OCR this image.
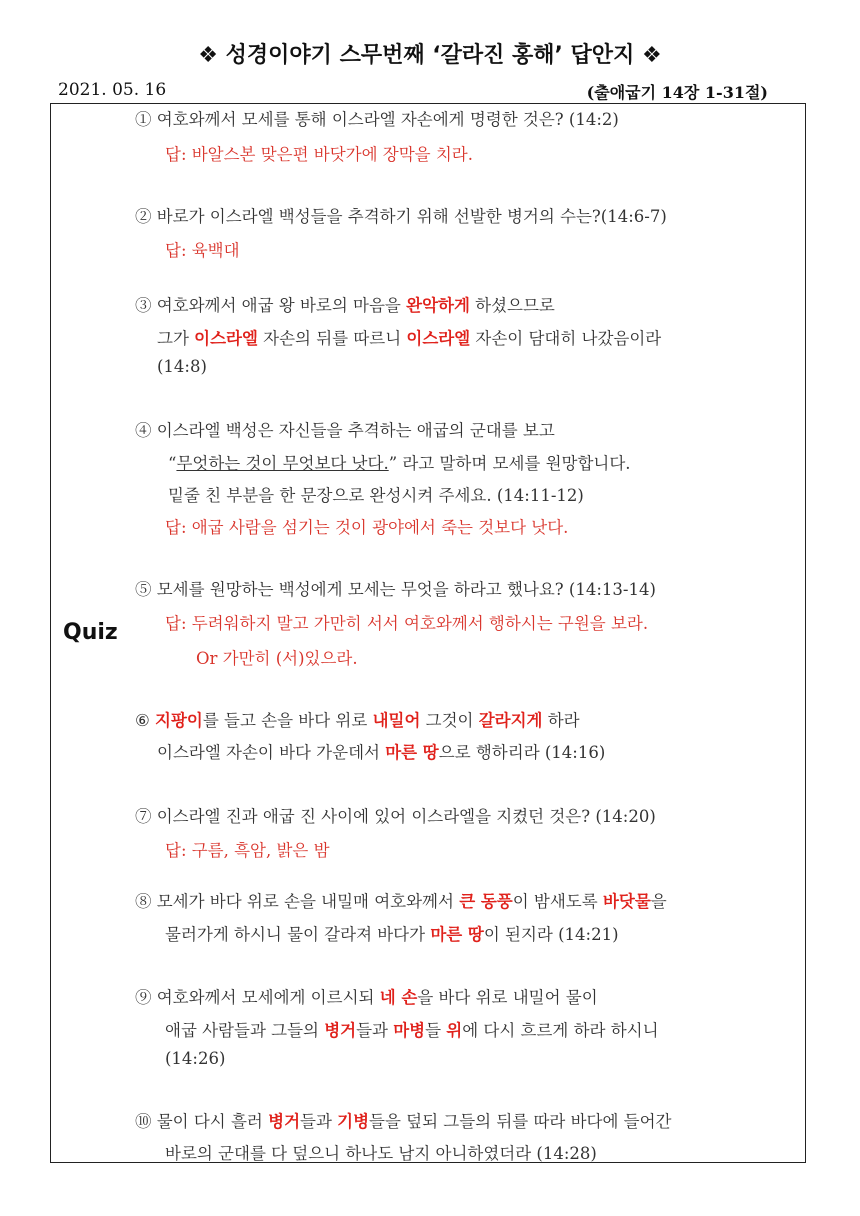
❖ 성경이야기 스무번째 ‘갈라진 홍해’ 답안지 ❖
2021. 05. 16	(출애굽기 14장 1-31절)
Quiz
① 여호와께서 모세를 통해 이스라엘 자손에게 명령한 것은? (14:2)
답: 바알스본 맞은편 바닷가에 장막을 치라.
② 바로가 이스라엘 백성들을 추격하기 위해 선발한 병거의 수는?(14:6-7)
답: 육백대
③ 여호와께서 애굽 왕 바로의 마음을 완악하게 하셨으므로
그가 이스라엘 자손의 뒤를 따르니 이스라엘 자손이 담대히 나갔음이라
(14:8)
④ 이스라엘 백성은 자신들을 추격하는 애굽의 군대를 보고
“무엇하는 것이 무엇보다 낫다.” 라고 말하며 모세를 원망합니다.
밑줄 친 부분을 한 문장으로 완성시켜 주세요. (14:11-12)
답: 애굽 사람을 섬기는 것이 광야에서 죽는 것보다 낫다.
⑤ 모세를 원망하는 백성에게 모세는 무엇을 하라고 했나요? (14:13-14)
답: 두려워하지 말고 가만히 서서 여호와께서 행하시는 구원을 보라.
Or 가만히 (서)있으라.
⑥ 지팡이를 들고 손을 바다 위로 내밀어 그것이 갈라지게 하라
이스라엘 자손이 바다 가운데서 마른 땅으로 행하리라 (14:16)
⑦ 이스라엘 진과 애굽 진 사이에 있어 이스라엘을 지켰던 것은? (14:20)
답: 구름, 흑암, 밝은 밤
⑧ 모세가 바다 위로 손을 내밀매 여호와께서 큰 동풍이 밤새도록 바닷물을
물러가게 하시니 물이 갈라져 바다가 마른 땅이 된지라 (14:21)
⑨ 여호와께서 모세에게 이르시되 네 손을 바다 위로 내밀어 물이
애굽 사람들과 그들의 병거들과 마병들 위에 다시 흐르게 하라 하시니
(14:26)
⑩ 물이 다시 흘러 병거들과 기병들을 덮되 그들의 뒤를 따라 바다에 들어간
바로의 군대를 다 덮으니 하나도 남지 아니하였더라 (14:28)
